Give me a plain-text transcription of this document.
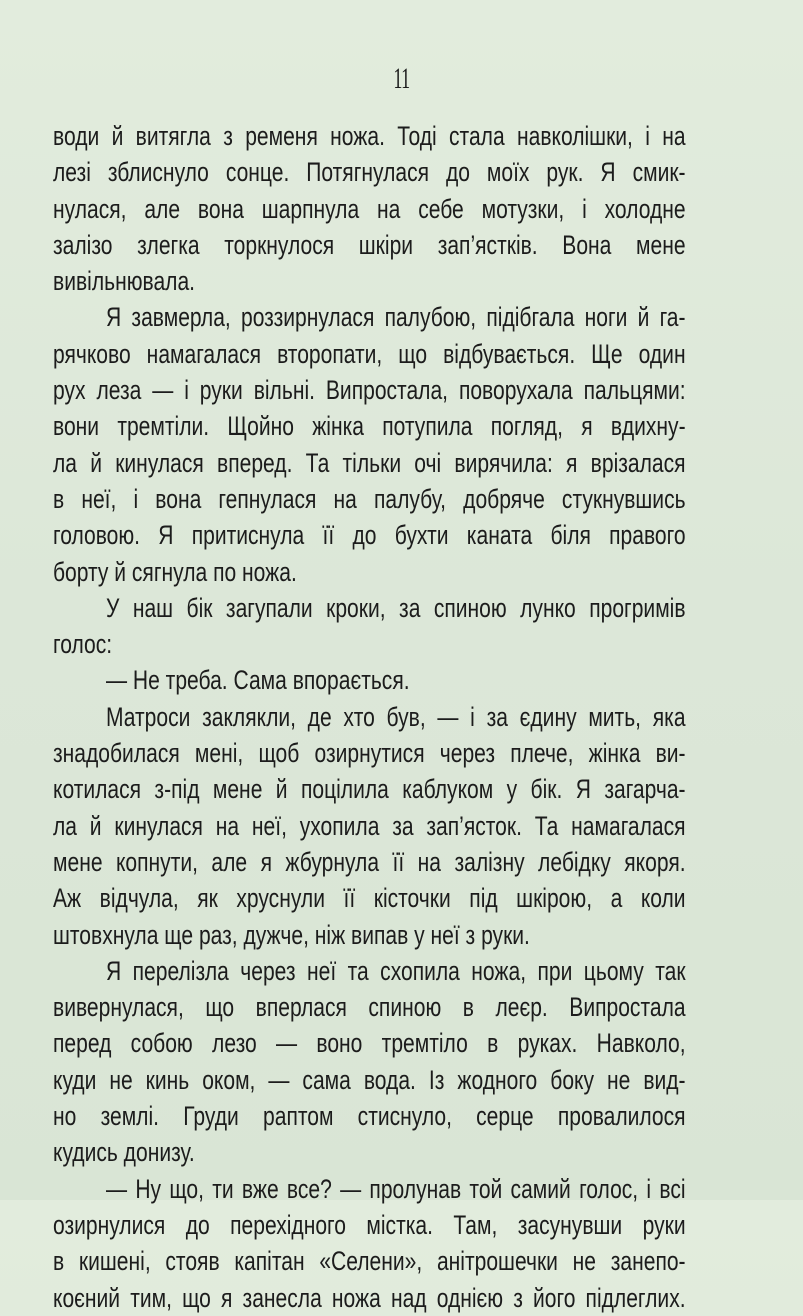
11
води й витягла з ременя ножа. Тоді стала навколішки, і на
лезі зблиснуло сонце. Потягнулася до моїх рук. Я смик-
нулася, але вона шарпнула на себе мотузки, і холодне
залізо злегка торкнулося шкіри зап’ястків. Вона мене
вивільнювала.
Я завмерла, роззирнулася палубою, підібгала ноги й га-
рячково намагалася второпати, що відбувається. Ще один
рух леза — і руки вільні. Випростала, поворухала пальцями:
вони тремтіли. Щойно жінка потупила погляд, я вдихну-
ла й кинулася вперед. Та тільки очі вирячила: я врізалася
в неї, і вона гепнулася на палубу, добряче стукнувшись
головою. Я притиснула її до бухти каната біля правого
борту й сягнула по ножа.
У наш бік загупали кроки, за спиною лунко прогримів
голос:
— Не треба. Сама впорається.
Матроси заклякли, де хто був, — і за єдину мить, яка
знадобилася мені, щоб озирнутися через плече, жінка ви-
котилася з-під мене й поцілила каблуком у бік. Я загарча-
ла й кинулася на неї, ухопила за зап’ясток. Та намагалася
мене копнути, але я жбурнула її на залізну лебідку якоря.
Аж відчула, як хруснули її кісточки під шкірою, а коли
штовхнула ще раз, дужче, ніж випав у неї з руки.
Я перелізла через неї та схопила ножа, при цьому так
вивернулася, що вперлася спиною в леєр. Випростала
перед собою лезо — воно тремтіло в руках. Навколо,
куди не кинь оком, — сама вода. Із жодного боку не вид-
но землі. Груди раптом стиснуло, серце провалилося
кудись донизу.
— Ну що, ти вже все? — пролунав той самий голос, і всі
озирнулися до перехідного містка. Там, засунувши руки
в кишені, стояв капітан «Селени», анітрошечки не занепо-
коєний тим, що я занесла ножа над однією з його підлеглих.
